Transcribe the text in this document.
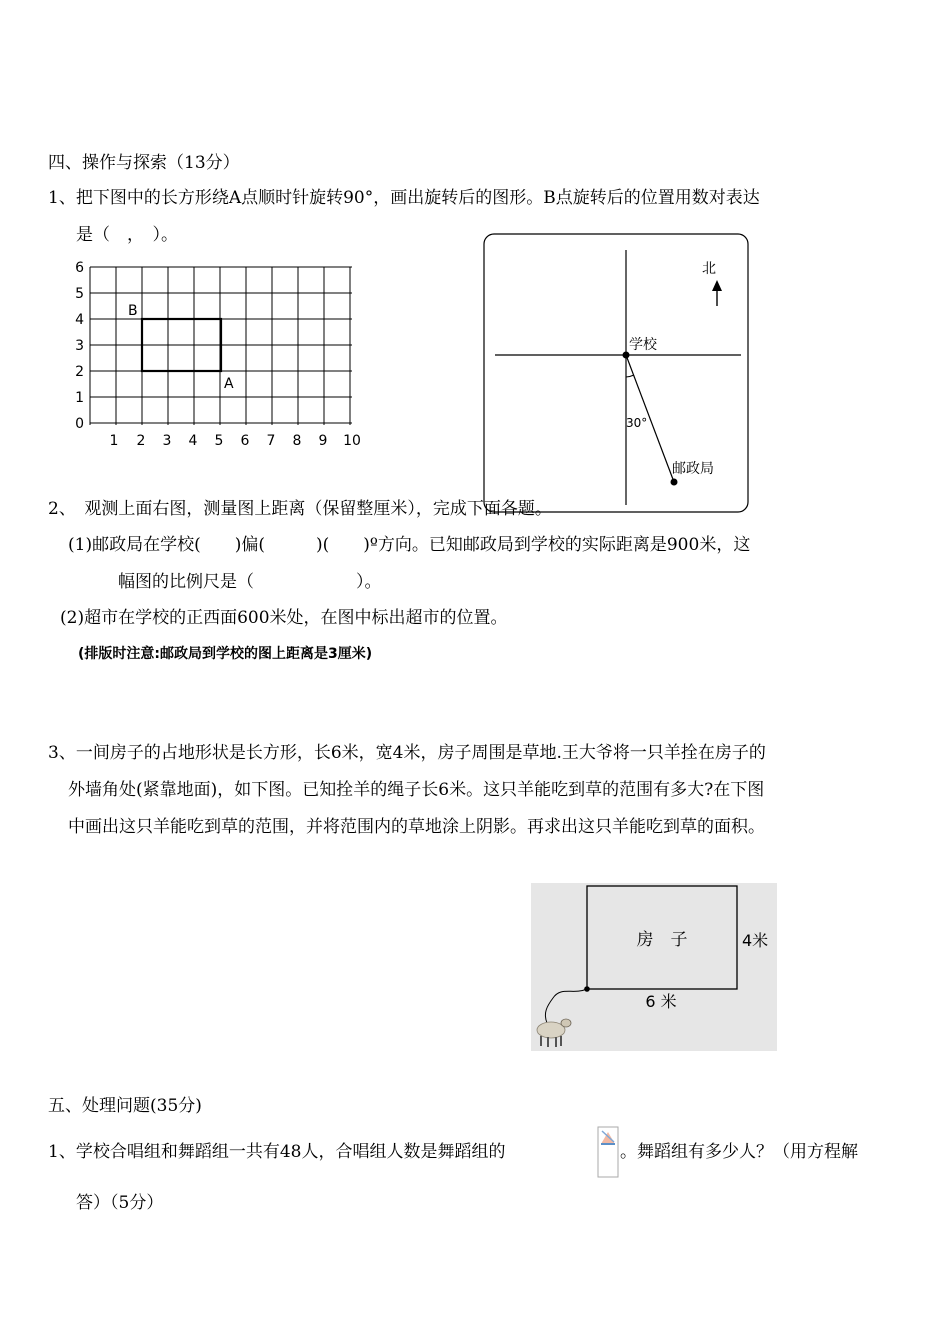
四、操作与探索（13分）
1、把下图中的长方形绕A点顺时针旋转90°，画出旋转后的图形。B点旋转后的位置用数对表达
是（　，　）。
B
A
6
5
4
3
2
1
0
1 2 3 4 5 6 7 8 9 10
学校
30°
邮政局
北
2、　观测上面右图，测量图上距离（保留整厘米），完成下面各题。
(1)邮政局在学校(　　)偏(　　　)(　　)º方向。已知邮政局到学校的实际距离是900米，这
幅图的比例尺是（　　　　　　）。
(2)超市在学校的正西面600米处，在图中标出超市的位置。
(排版时注意:邮政局到学校的图上距离是3厘米)
3、一间房子的占地形状是长方形，长6米，宽4米，房子周围是草地.王大爷将一只羊拴在房子的
外墙角处(紧靠地面)，如下图。已知拴羊的绳子长6米。这只羊能吃到草的范围有多大?在下图
中画出这只羊能吃到草的范围，并将范围内的草地涂上阴影。再求出这只羊能吃到草的面积。
房　子	4米
6 米
五、处理问题(35分)
1、学校合唱组和舞蹈组一共有48人，合唱组人数是舞蹈组的	。舞蹈组有多少人？（用方程解
答）（5分）
